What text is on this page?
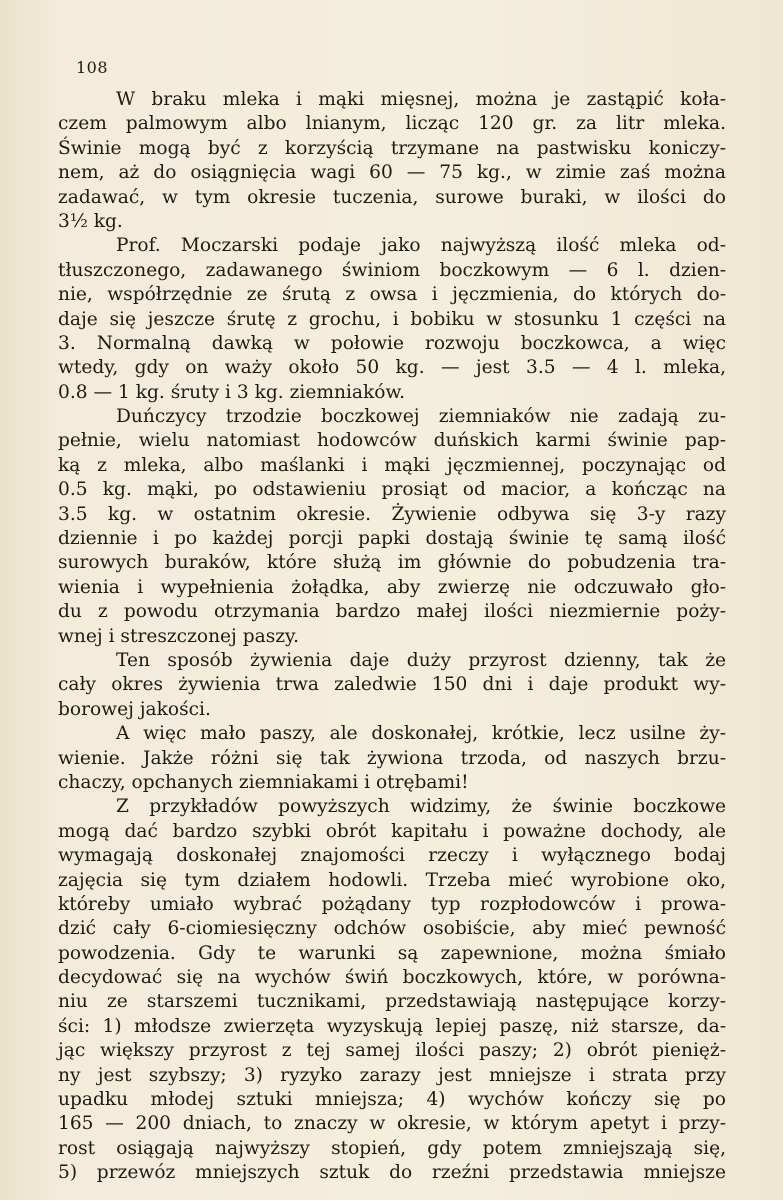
108
W braku mleka i mąki mięsnej, można je zastąpić koła-
czem palmowym albo lnianym, licząc 120 gr. za litr mleka.
Świnie mogą być z korzyścią trzymane na pastwisku koniczy-
nem, aż do osiągnięcia wagi 60 — 75 kg., w zimie zaś można
zadawać, w tym okresie tuczenia, surowe buraki, w ilości do
3½ kg.
Prof. Moczarski podaje jako najwyższą ilość mleka od-
tłuszczonego, zadawanego świniom boczkowym — 6 l. dzien-
nie, współrzędnie ze śrutą z owsa i jęczmienia, do których do-
daje się jeszcze śrutę z grochu, i bobiku w stosunku 1 części na
3. Normalną dawką w połowie rozwoju boczkowca, a więc
wtedy, gdy on waży około 50 kg. — jest 3.5 — 4 l. mleka,
0.8 — 1 kg. śruty i 3 kg. ziemniaków.
Duńczycy trzodzie boczkowej ziemniaków nie zadają zu-
pełnie, wielu natomiast hodowców duńskich karmi świnie pap-
ką z mleka, albo maślanki i mąki jęczmiennej, poczynając od
0.5 kg. mąki, po odstawieniu prosiąt od macior, a kończąc na
3.5 kg. w ostatnim okresie. Żywienie odbywa się 3-y razy
dziennie i po każdej porcji papki dostają świnie tę samą ilość
surowych buraków, które służą im głównie do pobudzenia tra-
wienia i wypełnienia żołądka, aby zwierzę nie odczuwało gło-
du z powodu otrzymania bardzo małej ilości niezmiernie poży-
wnej i streszczonej paszy.
Ten sposób żywienia daje duży przyrost dzienny, tak że
cały okres żywienia trwa zaledwie 150 dni i daje produkt wy-
borowej jakości.
A więc mało paszy, ale doskonałej, krótkie, lecz usilne ży-
wienie. Jakże różni się tak żywiona trzoda, od naszych brzu-
chaczy, opchanych ziemniakami i otrębami!
Z przykładów powyższych widzimy, że świnie boczkowe
mogą dać bardzo szybki obrót kapitału i poważne dochody, ale
wymagają doskonałej znajomości rzeczy i wyłącznego bodaj
zajęcia się tym działem hodowli. Trzeba mieć wyrobione oko,
któreby umiało wybrać pożądany typ rozpłodowców i prowa-
dzić cały 6-ciomiesięczny odchów osobiście, aby mieć pewność
powodzenia. Gdy te warunki są zapewnione, można śmiało
decydować się na wychów świń boczkowych, które, w porówna-
niu ze starszemi tucznikami, przedstawiają następujące korzy-
ści: 1) młodsze zwierzęta wyzyskują lepiej paszę, niż starsze, da-
jąc większy przyrost z tej samej ilości paszy; 2) obrót pienięż-
ny jest szybszy; 3) ryzyko zarazy jest mniejsze i strata przy
upadku młodej sztuki mniejsza; 4) wychów kończy się po
165 — 200 dniach, to znaczy w okresie, w którym apetyt i przy-
rost osiągają najwyższy stopień, gdy potem zmniejszają się,
5) przewóz mniejszych sztuk do rzeźni przedstawia mniejsze
